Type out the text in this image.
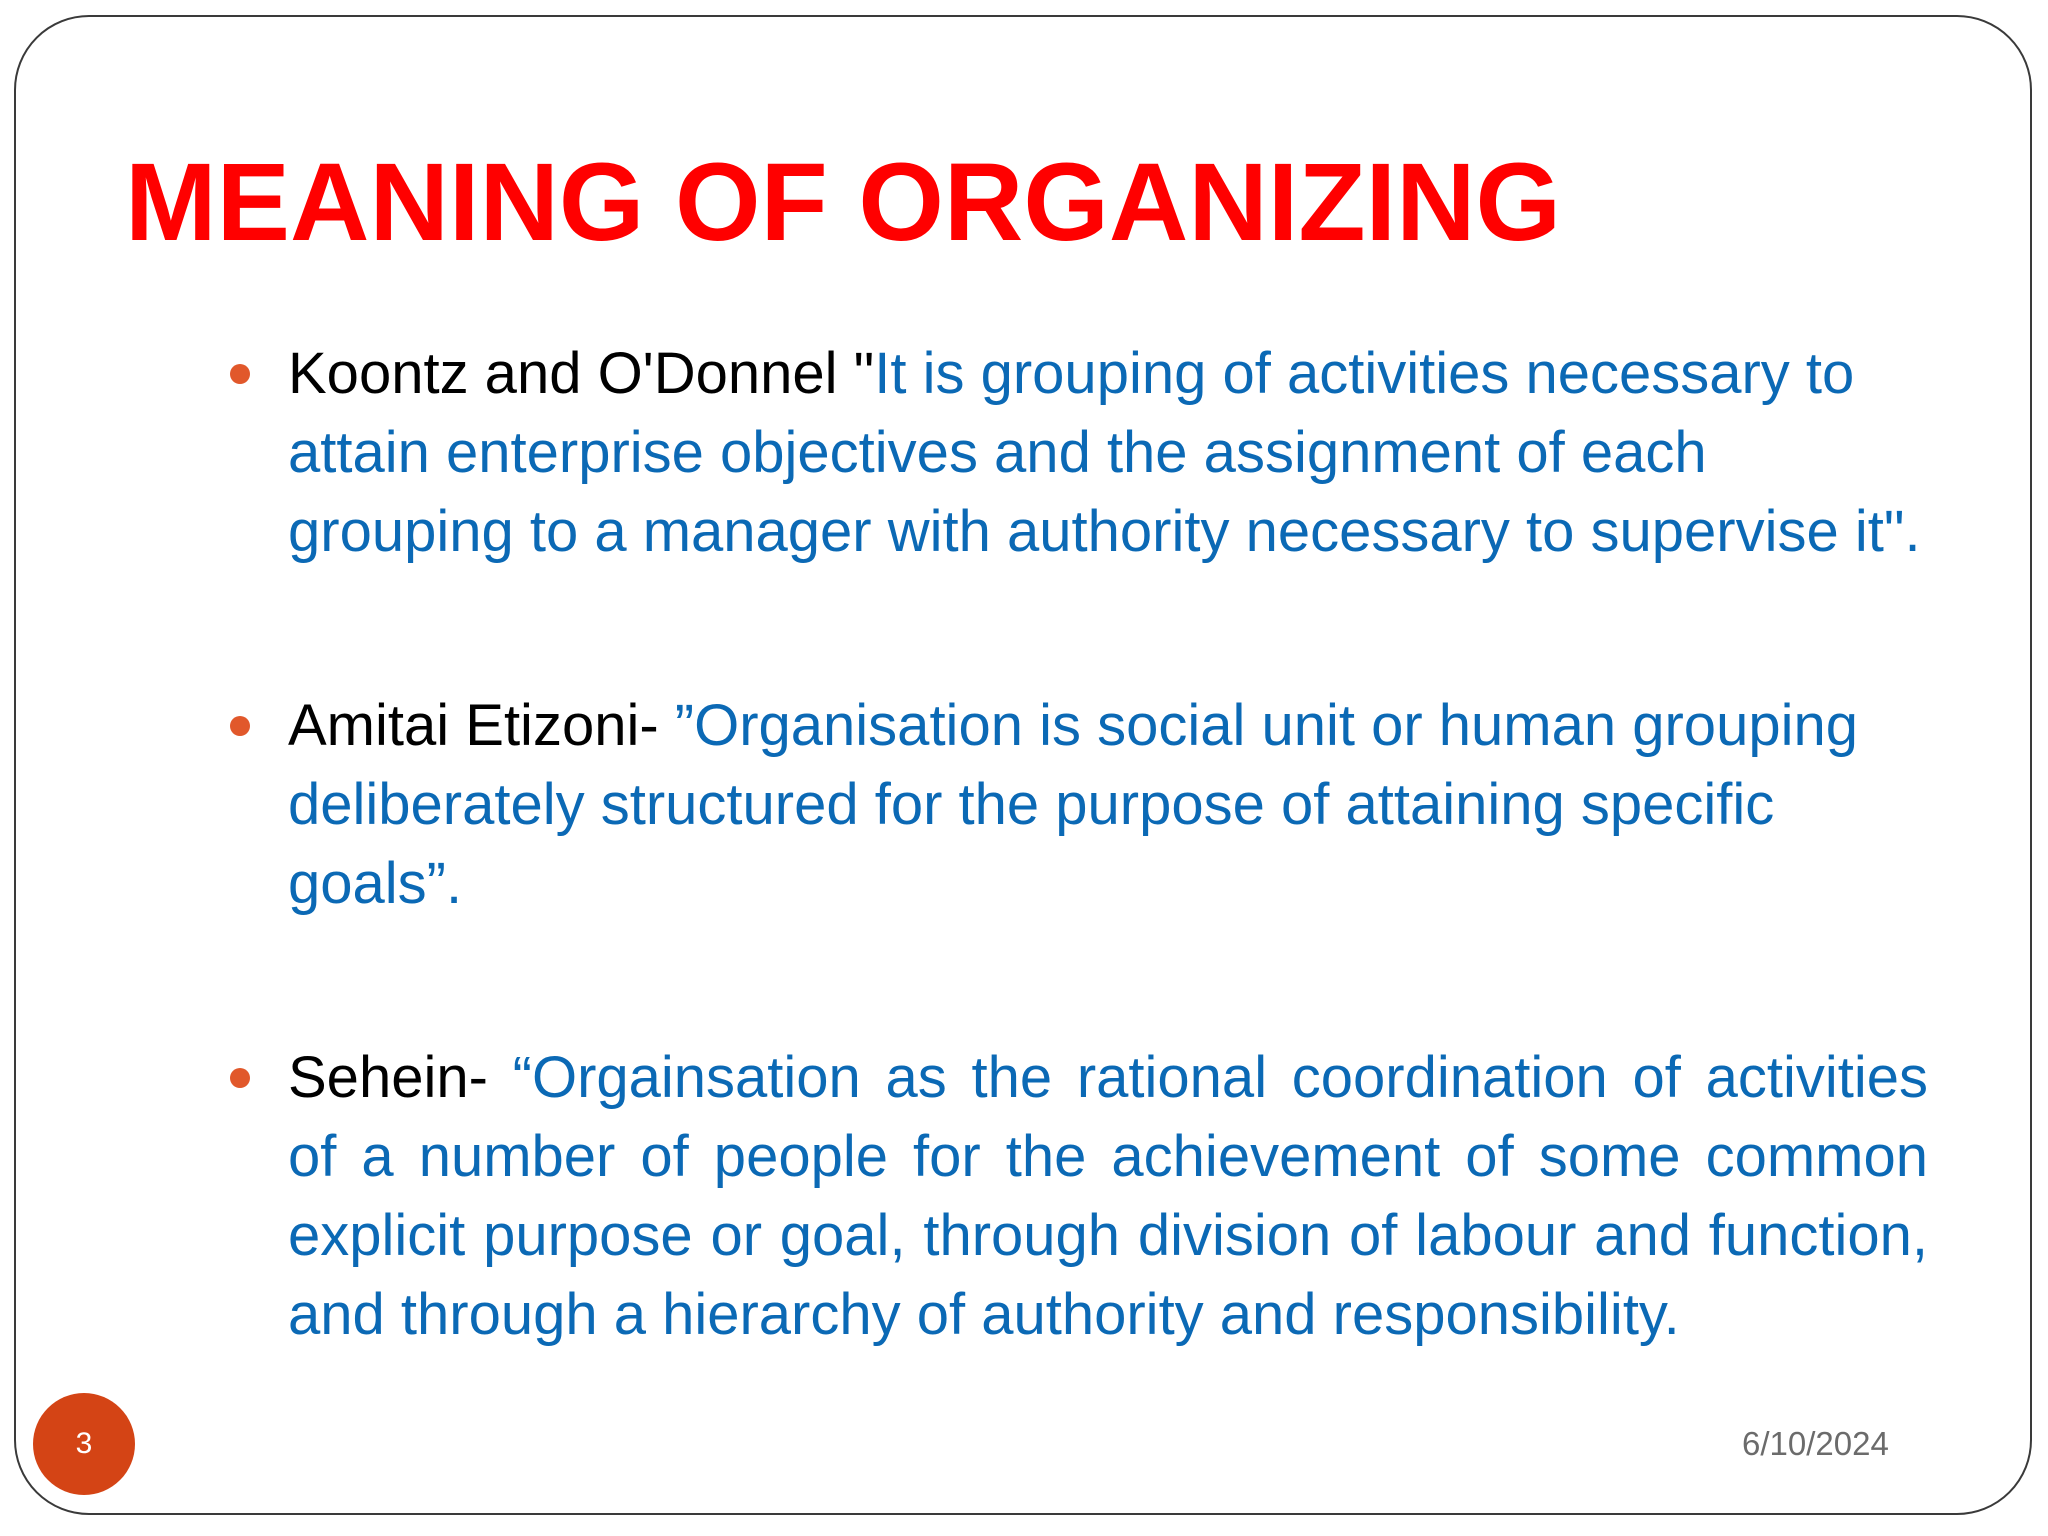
MEANING OF ORGANIZING
Koontz and O'Donnel "It is grouping of activities necessary to attain enterprise objectives and the assignment of each grouping to a manager with authority necessary to supervise it".
Amitai Etizoni- ”Organisation is social unit or human grouping deliberately structured for the purpose of attaining specific goals”.
Sehein- “Orgainsation as the rational coordination of activities of a number of people for the achievement of some common explicit purpose or goal, through division of labour and function, and through a hierarchy of authority and responsibility.
3	6/10/2024
